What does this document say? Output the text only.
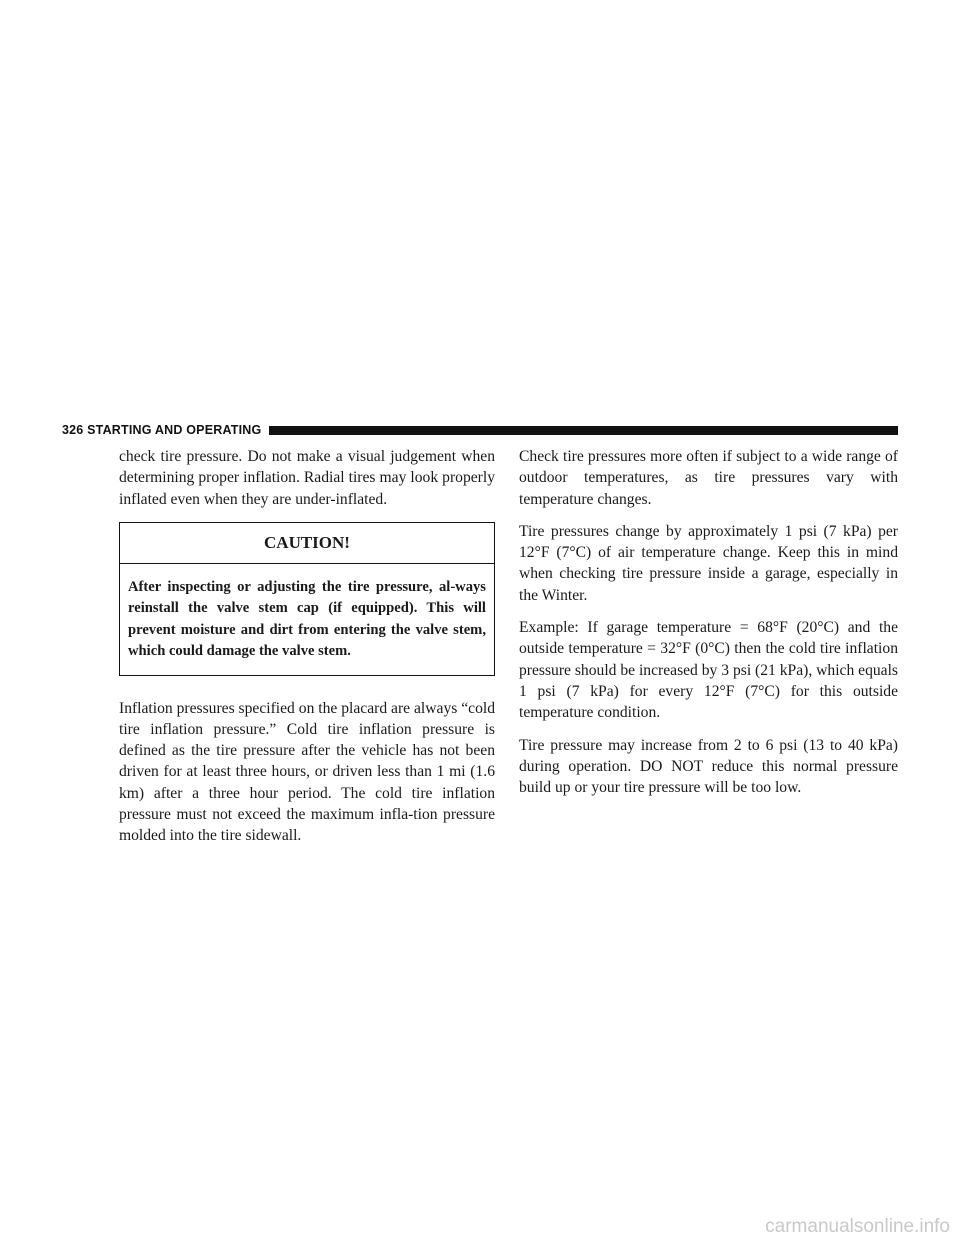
326 STARTING AND OPERATING

check tire pressure. Do not make a visual judgement when determining proper inflation. Radial tires may look properly inflated even when they are under-inflated.

CAUTION!
After inspecting or adjusting the tire pressure, al-ways reinstall the valve stem cap (if equipped). This will prevent moisture and dirt from entering the valve stem, which could damage the valve stem.

Inflation pressures specified on the placard are always “cold tire inflation pressure.” Cold tire inflation pressure is defined as the tire pressure after the vehicle has not been driven for at least three hours, or driven less than 1 mi (1.6 km) after a three hour period. The cold tire inflation pressure must not exceed the maximum infla-tion pressure molded into the tire sidewall.

Check tire pressures more often if subject to a wide range of outdoor temperatures, as tire pressures vary with temperature changes.

Tire pressures change by approximately 1 psi (7 kPa) per 12°F (7°C) of air temperature change. Keep this in mind when checking tire pressure inside a garage, especially in the Winter.

Example: If garage temperature = 68°F (20°C) and the outside temperature = 32°F (0°C) then the cold tire inflation pressure should be increased by 3 psi (21 kPa), which equals 1 psi (7 kPa) for every 12°F (7°C) for this outside temperature condition.

Tire pressure may increase from 2 to 6 psi (13 to 40 kPa) during operation. DO NOT reduce this normal pressure build up or your tire pressure will be too low.

carmanualsonline.info
